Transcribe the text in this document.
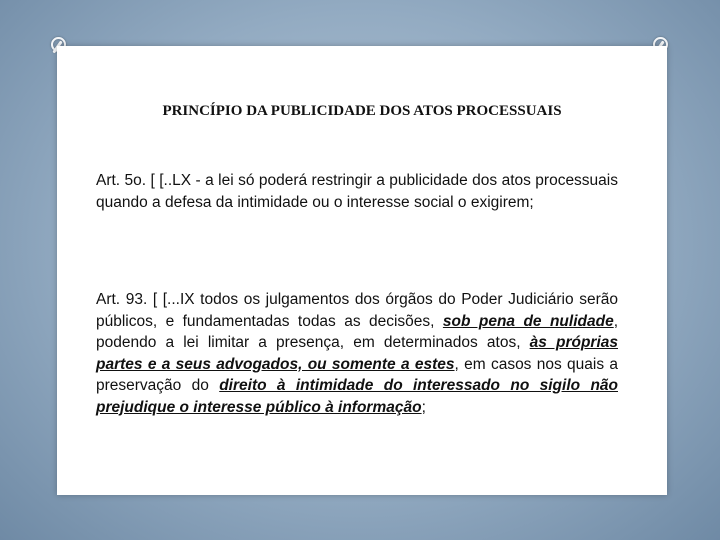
PRINCÍPIO DA PUBLICIDADE DOS ATOS PROCESSUAIS
Art. 5o. [ [..LX - a lei só poderá restringir a publicidade dos atos processuais quando a defesa da intimidade ou o interesse social o exigirem;
Art. 93. [ [...IX todos os julgamentos dos órgãos do Poder Judiciário serão públicos, e fundamentadas todas as decisões, sob pena de nulidade, podendo a lei limitar a presença, em determinados atos, às próprias partes e a seus advogados, ou somente a estes, em casos nos quais a preservação do direito à intimidade do interessado no sigilo não prejudique o interesse público à informação;
